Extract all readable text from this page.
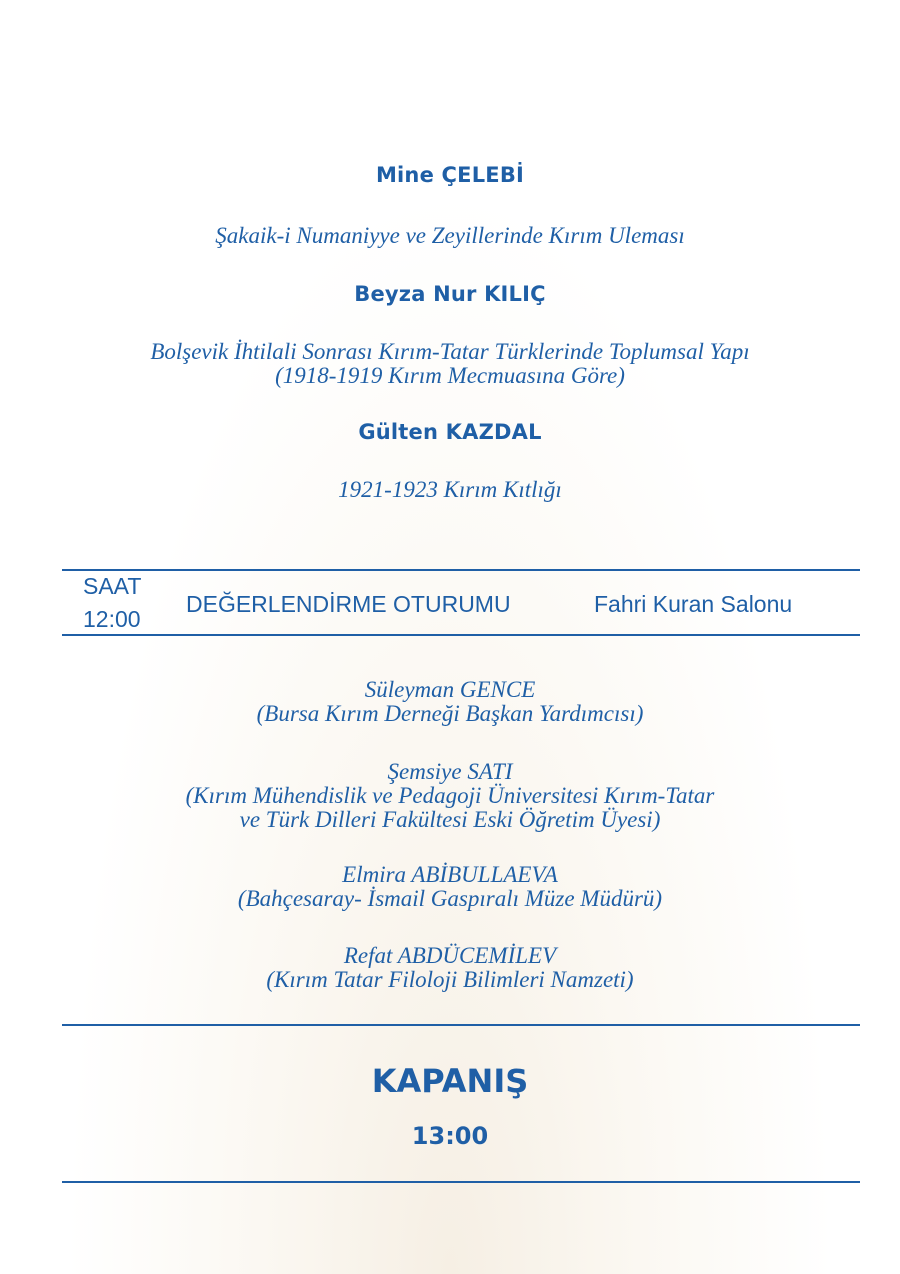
Mine ÇELEBİ
Şakaik-i Numaniyye ve Zeyillerinde Kırım Uleması
Beyza Nur KILIÇ
Bolşevik İhtilali Sonrası Kırım-Tatar Türklerinde Toplumsal Yapı
(1918-1919 Kırım Mecmuasına Göre)
Gülten KAZDAL
1921-1923 Kırım Kıtlığı
SAAT
12:00
DEĞERLENDİRME OTURUMU	Fahri Kuran Salonu
Süleyman GENCE
(Bursa Kırım Derneği Başkan Yardımcısı)
Şemsiye SATI
(Kırım Mühendislik ve Pedagoji Üniversitesi Kırım-Tatar
ve Türk Dilleri Fakültesi Eski Öğretim Üyesi)
Elmira ABİBULLAEVA
(Bahçesaray- İsmail Gaspıralı Müze Müdürü)
Refat ABDÜCEMİLEV
(Kırım Tatar Filoloji Bilimleri Namzeti)
KAPANIŞ
13:00
